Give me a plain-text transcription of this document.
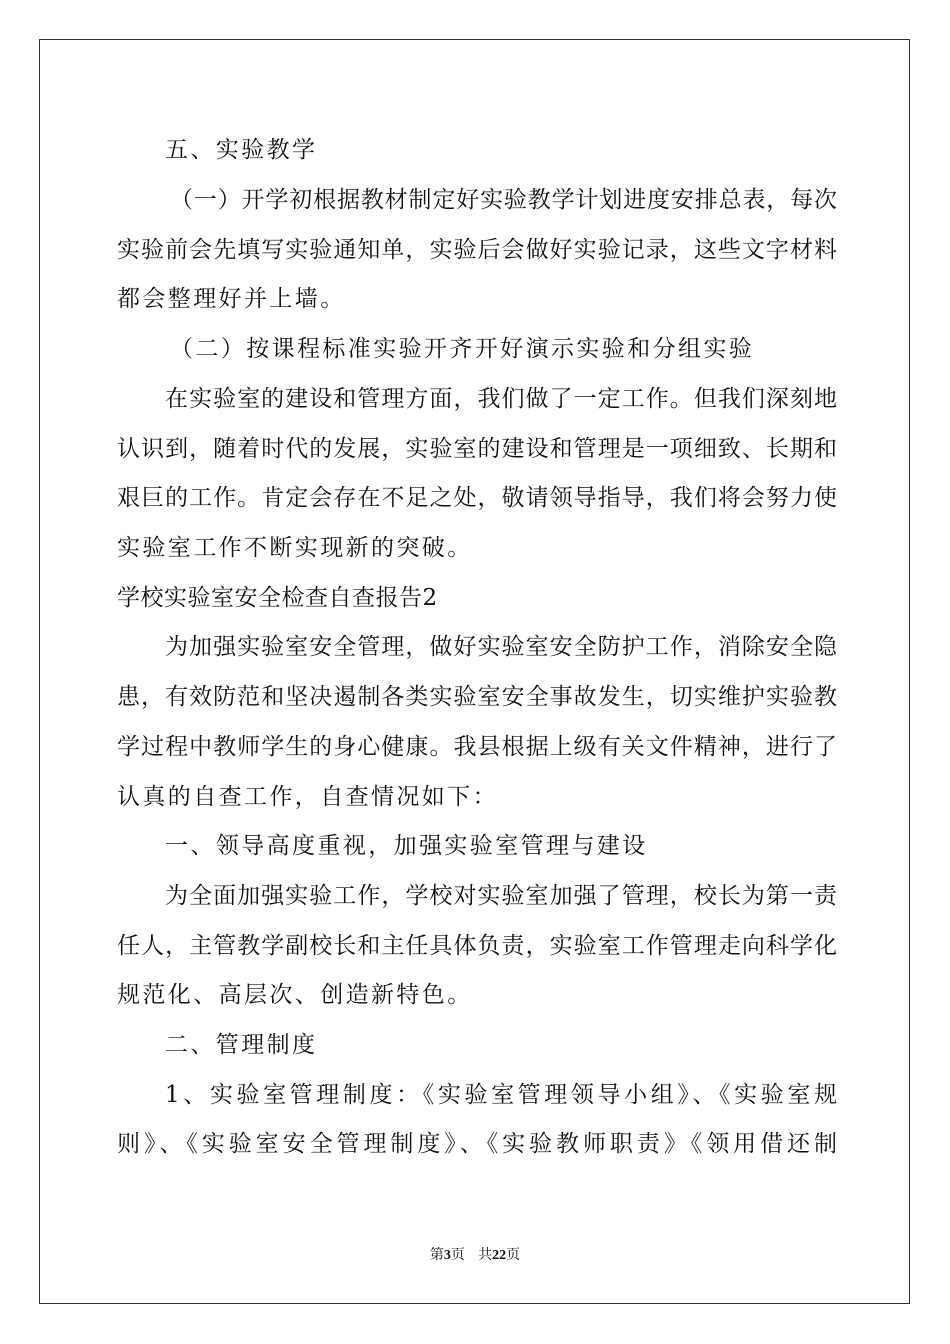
五、实验教学
（一）开学初根据教材制定好实验教学计划进度安排总表，每次
实验前会先填写实验通知单，实验后会做好实验记录，这些文字材料
都会整理好并上墙。
（二）按课程标准实验开齐开好演示实验和分组实验
在实验室的建设和管理方面，我们做了一定工作。但我们深刻地
认识到，随着时代的发展，实验室的建设和管理是一项细致、长期和
艰巨的工作。肯定会存在不足之处，敬请领导指导，我们将会努力使
实验室工作不断实现新的突破。
学校实验室安全检查自查报告2
为加强实验室安全管理，做好实验室安全防护工作，消除安全隐
患，有效防范和坚决遏制各类实验室安全事故发生，切实维护实验教
学过程中教师学生的身心健康。我县根据上级有关文件精神，进行了
认真的自查工作，自查情况如下：
一、领导高度重视，加强实验室管理与建设
为全面加强实验工作，学校对实验室加强了管理，校长为第一责
任人，主管教学副校长和主任具体负责，实验室工作管理走向科学化
规范化、高层次、创造新特色。
二、管理制度
1、实验室管理制度：《实验室管理领导小组》、《实验室规
则》、《实验室安全管理制度》、《实验教师职责》《领用借还制
第3页 共22页
